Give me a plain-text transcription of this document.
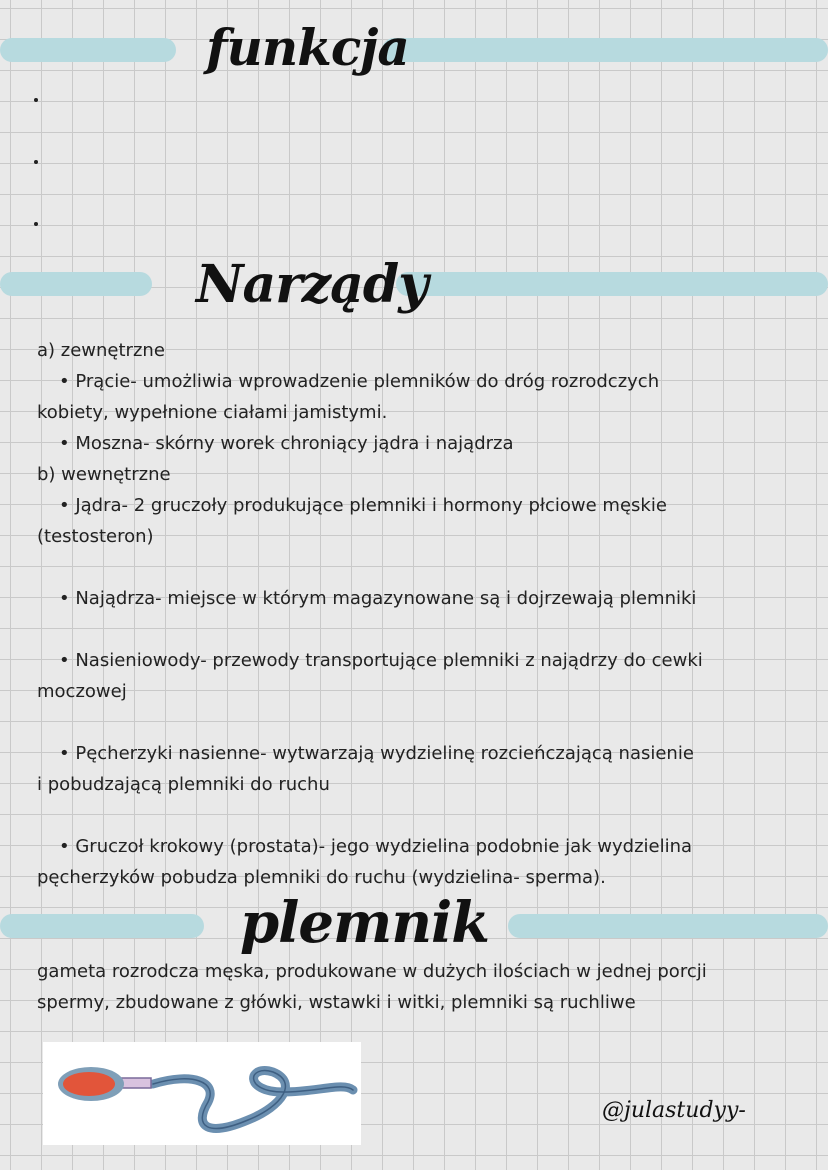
funkcja
Narządy
plemnik
a) zewnętrzne
• Prącie- umożliwia wprowadzenie plemników do dróg rozrodczych
kobiety, wypełnione ciałami jamistymi.
• Moszna- skórny worek chroniący jądra i najądrza
b) wewnętrzne
• Jądra- 2 gruczoły produkujące plemniki i hormony płciowe męskie
(testosteron)
• Najądrza- miejsce w którym magazynowane są i dojrzewają plemniki
• Nasieniowody- przewody transportujące plemniki z najądrzy do cewki
moczowej
• Pęcherzyki nasienne- wytwarzają wydzielinę rozcieńczającą nasienie
i pobudzającą plemniki do ruchu
• Gruczoł krokowy (prostata)- jego wydzielina podobnie jak wydzielina
pęcherzyków pobudza plemniki do ruchu (wydzielina- sperma).
gameta rozrodcza męska, produkowane w dużych ilościach w jednej porcji
spermy, zbudowane z główki, wstawki i witki, plemniki są ruchliwe
@julastudyy-
